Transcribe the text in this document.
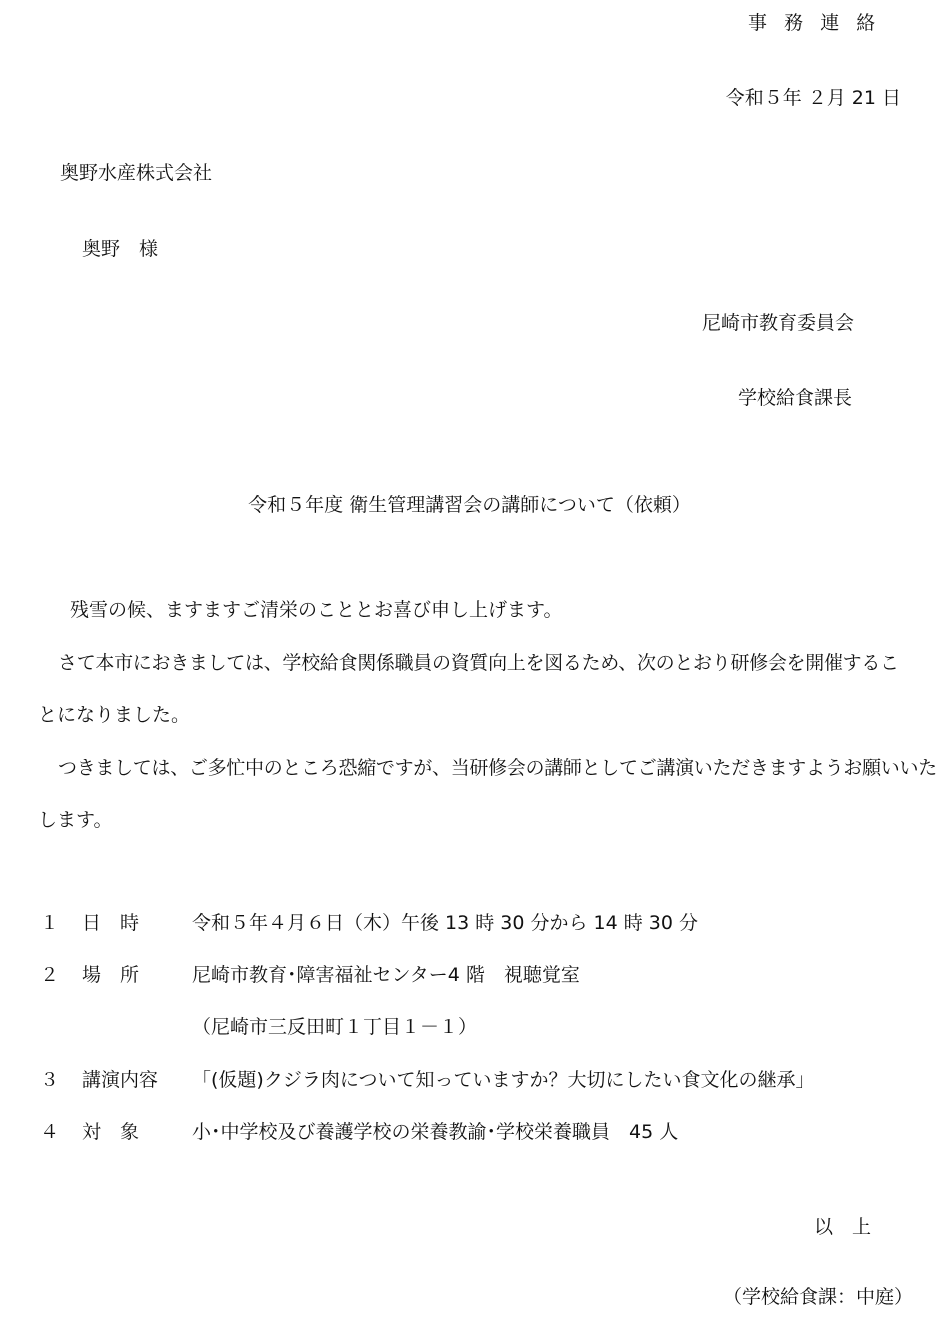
事務連絡
令和５年 ２月 21 日
奥野水産株式会社
奥野　様
尼崎市教育委員会
学校給食課長
令和５年度 衛生管理講習会の講師について（依頼）
残雪の候、ますますご清栄のこととお喜び申し上げます。
さて本市におきましては、学校給食関係職員の資質向上を図るため、次のとおり研修会を開催するこ
とになりました。
つきましては、ご多忙中のところ恐縮ですが、当研修会の講師としてご講演いただきますようお願いいた
します。
１ 日　時	令和５年４月６日（木）午後 13 時 30 分から 14 時 30 分
２ 場　所	尼崎市教育･障害福祉センター4 階　視聴覚室
（尼崎市三反田町１丁目１－１）
３ 講演内容 「(仮題)クジラ肉について知っていますか？大切にしたい食文化の継承」
４ 対　象	小･中学校及び養護学校の栄養教諭･学校栄養職員　45 人
以　上
（学校給食課：中庭）
